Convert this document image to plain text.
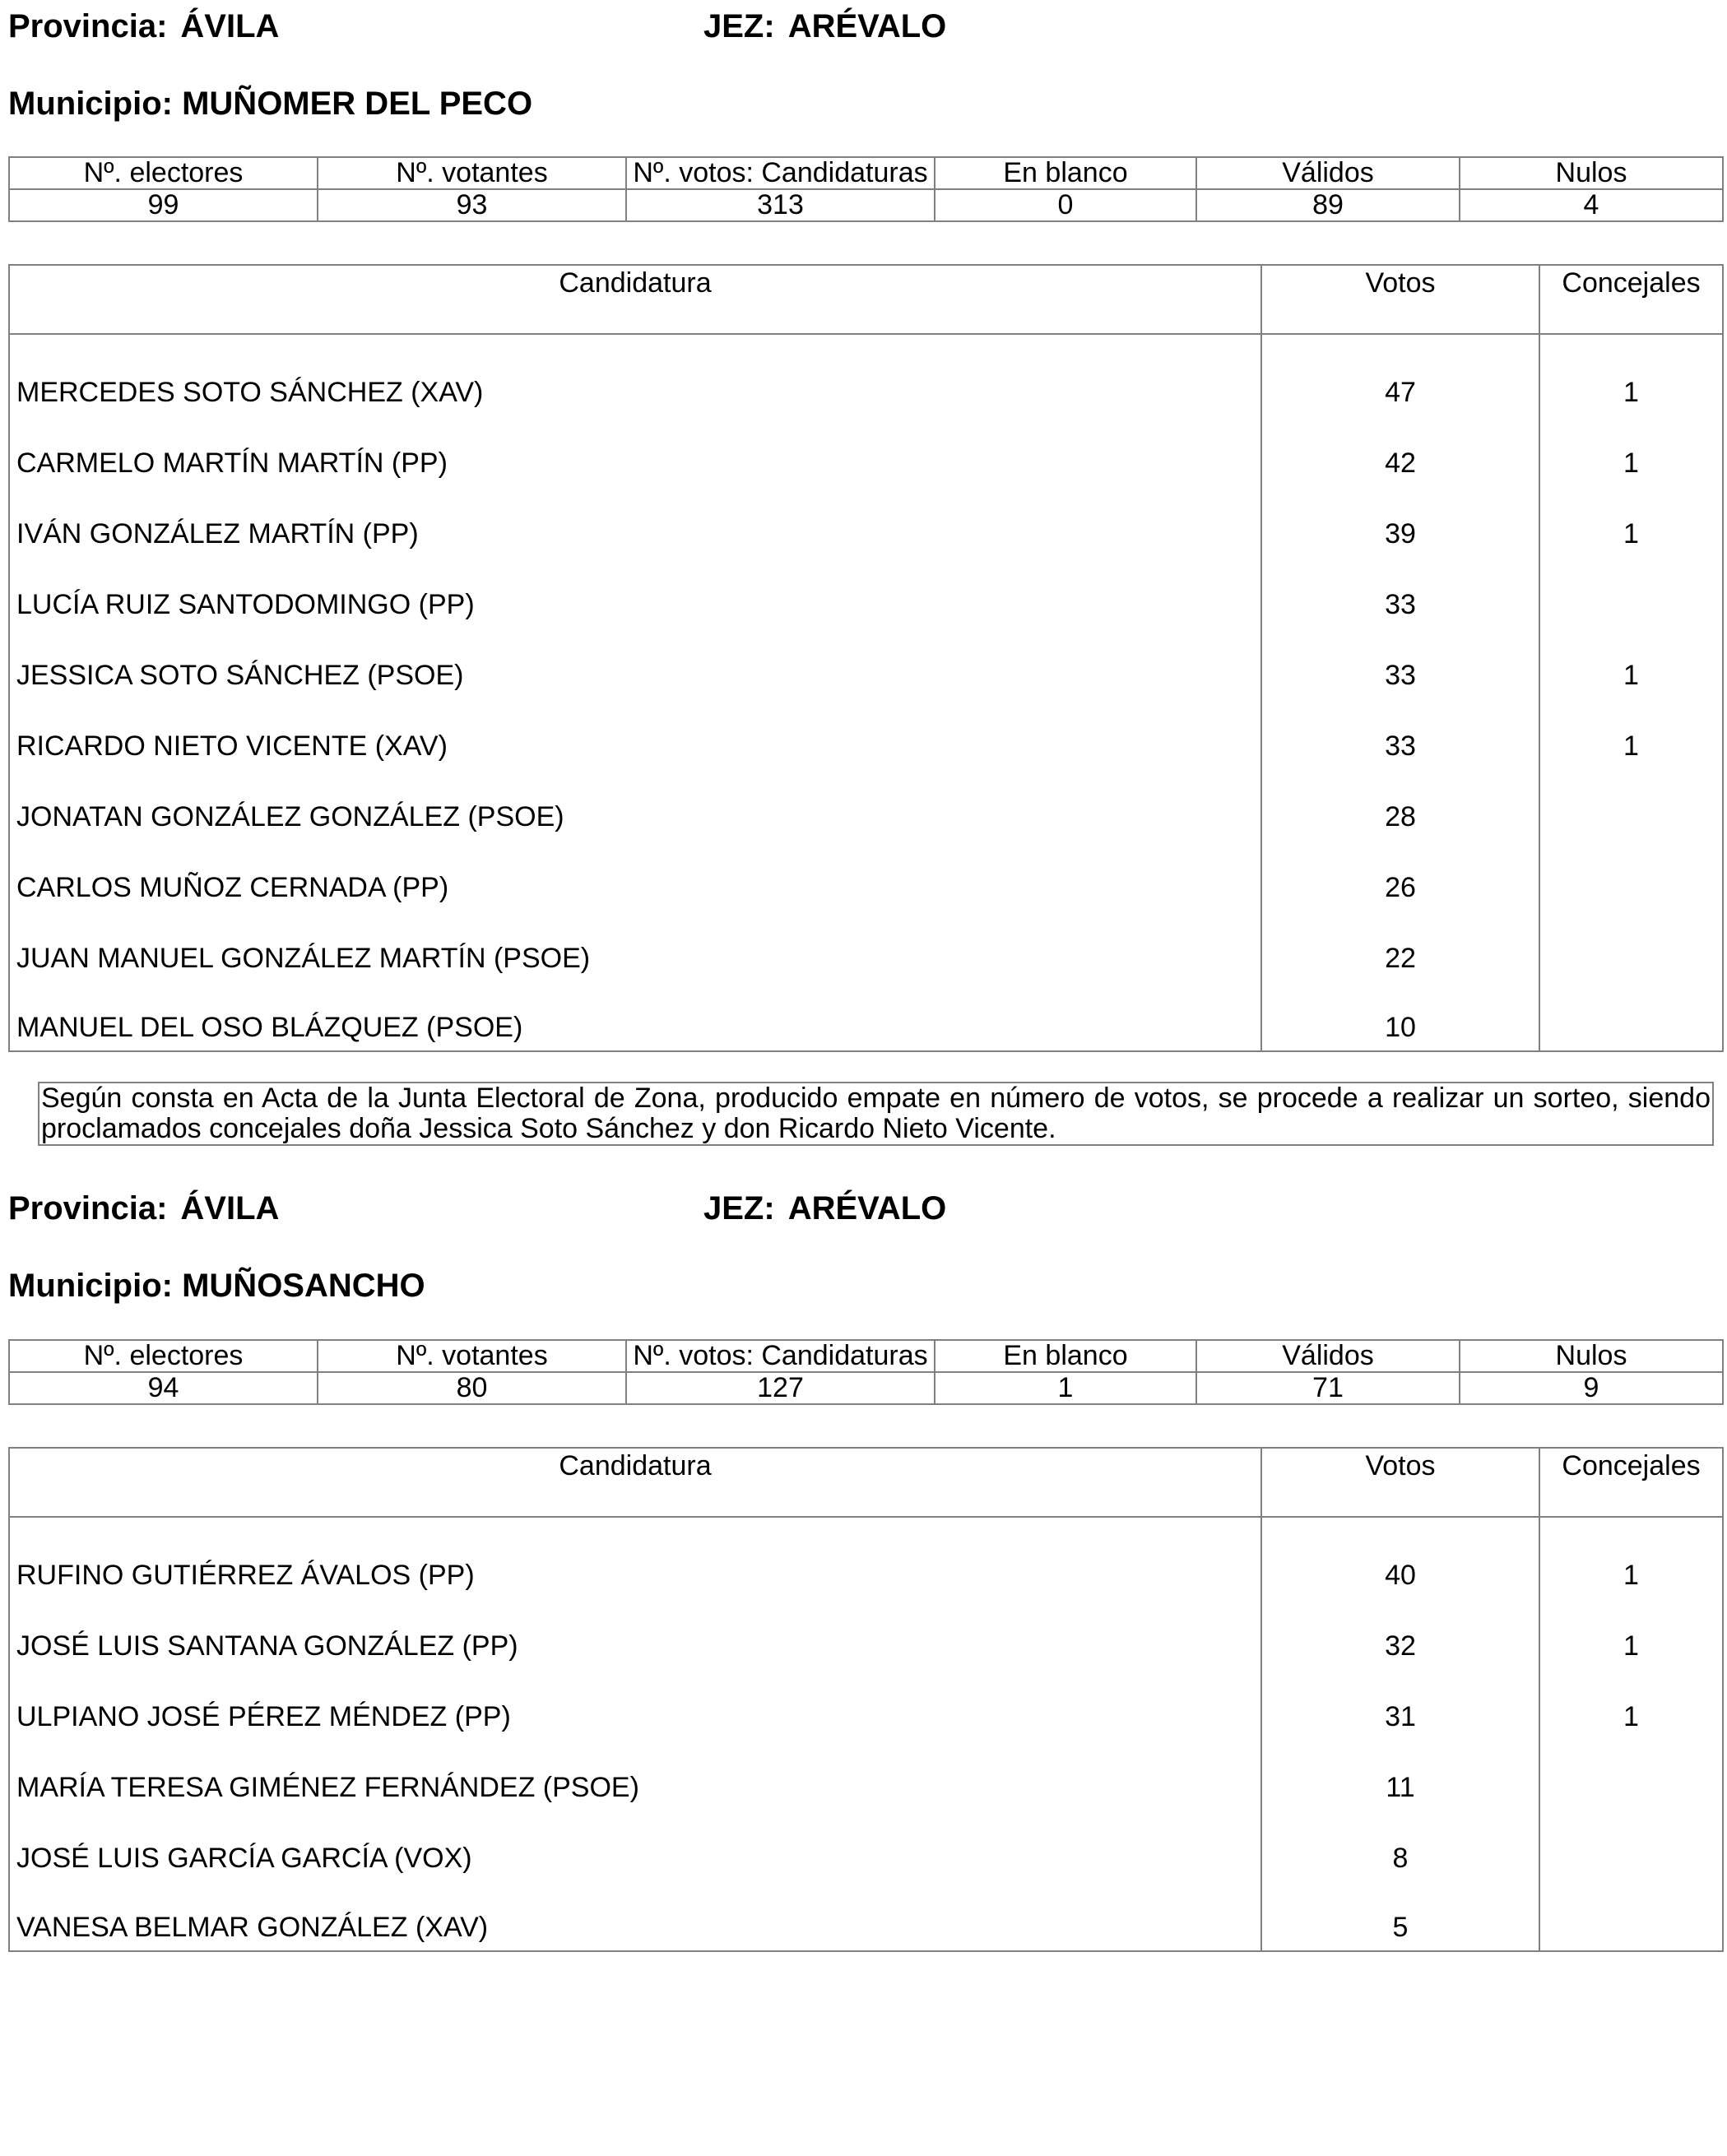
Provincia: ÁVILA	JEZ: ARÉVALO
Municipio: MUÑOMER DEL PECO
Nº. electores	Nº. votantes	Nº. votos: Candidaturas	En blanco	Válidos	Nulos
99	93	313	0	89	4
Candidatura	Votos	Concejales
MERCEDES SOTO SÁNCHEZ (XAV)	47	1
CARMELO MARTÍN MARTÍN (PP)	42	1
IVÁN GONZÁLEZ MARTÍN (PP)	39	1
LUCÍA RUIZ SANTODOMINGO (PP)	33	
JESSICA SOTO SÁNCHEZ (PSOE)	33	1
RICARDO NIETO VICENTE (XAV)	33	1
JONATAN GONZÁLEZ GONZÁLEZ (PSOE)	28	
CARLOS MUÑOZ CERNADA (PP)	26	
JUAN MANUEL GONZÁLEZ MARTÍN (PSOE)	22	
MANUEL DEL OSO BLÁZQUEZ (PSOE)	10	
Según consta en Acta de la Junta Electoral de Zona, producido empate en número de votos, se procede a realizar un sorteo, siendo proclamados concejales doña Jessica Soto Sánchez y don Ricardo Nieto Vicente.
Provincia: ÁVILA	JEZ: ARÉVALO
Municipio: MUÑOSANCHO
Nº. electores	Nº. votantes	Nº. votos: Candidaturas	En blanco	Válidos	Nulos
94	80	127	1	71	9
Candidatura	Votos	Concejales
RUFINO GUTIÉRREZ ÁVALOS (PP)	40	1
JOSÉ LUIS SANTANA GONZÁLEZ (PP)	32	1
ULPIANO JOSÉ PÉREZ MÉNDEZ (PP)	31	1
MARÍA TERESA GIMÉNEZ FERNÁNDEZ (PSOE)	11	
JOSÉ LUIS GARCÍA GARCÍA (VOX)	8	
VANESA BELMAR GONZÁLEZ (XAV)	5	
